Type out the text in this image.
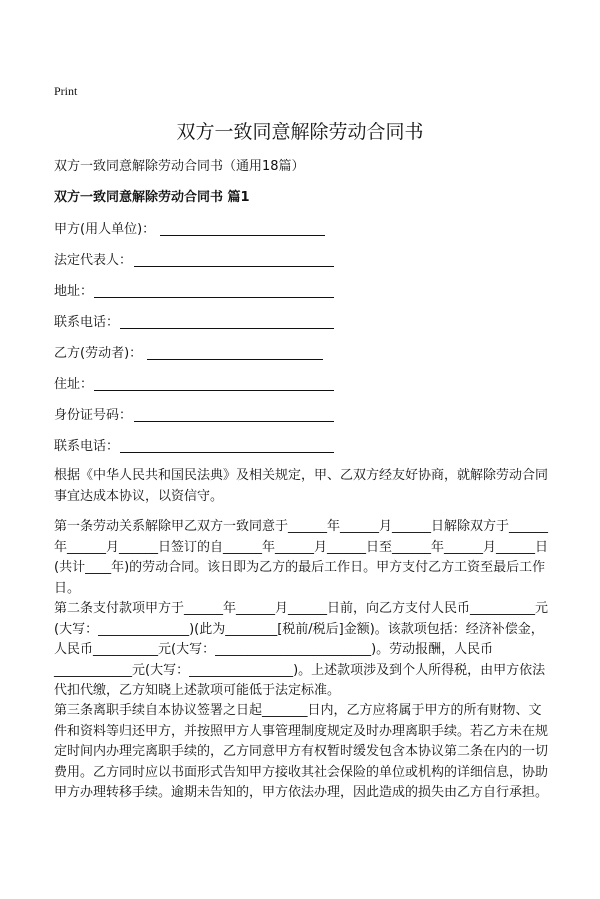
Print
双方一致同意解除劳动合同书
双方一致同意解除劳动合同书（通用18篇）
双方一致同意解除劳动合同书 篇1
甲方(用人单位)：
法定代表人：
地址：
联系电话：
乙方(劳动者)：
住址：
身份证号码：
联系电话：

根据《中华人民共和国民法典》及相关规定，甲、乙双方经友好协商，就解除劳动合同事宜达成本协议，以资信守。

第一条劳动关系解除甲乙双方一致同意于______年______月______日解除双方于______年______月______日签订的自______年______月______日至______年______月______日(共计____年)的劳动合同。该日即为乙方的最后工作日。甲方支付乙方工资至最后工作日。

第二条支付款项甲方于______年______月______日前，向乙方支付人民币__________元(大写：______________)(此为________[税前/税后]金额)。该款项包括：经济补偿金，人民币__________元(大写：________________________)。劳动报酬，人民币____________元(大写：________________)。上述款项涉及到个人所得税，由甲方依法代扣代缴，乙方知晓上述款项可能低于法定标准。

第三条离职手续自本协议签署之日起_______日内，乙方应将属于甲方的所有财物、文件和资料等归还甲方，并按照甲方人事管理制度规定及时办理离职手续。若乙方未在规定时间内办理完离职手续的，乙方同意甲方有权暂时缓发包含本协议第二条在内的一切费用。乙方同时应以书面形式告知甲方接收其社会保险的单位或机构的详细信息，协助甲方办理转移手续。逾期未告知的，甲方依法办理，因此造成的损失由乙方自行承担。
